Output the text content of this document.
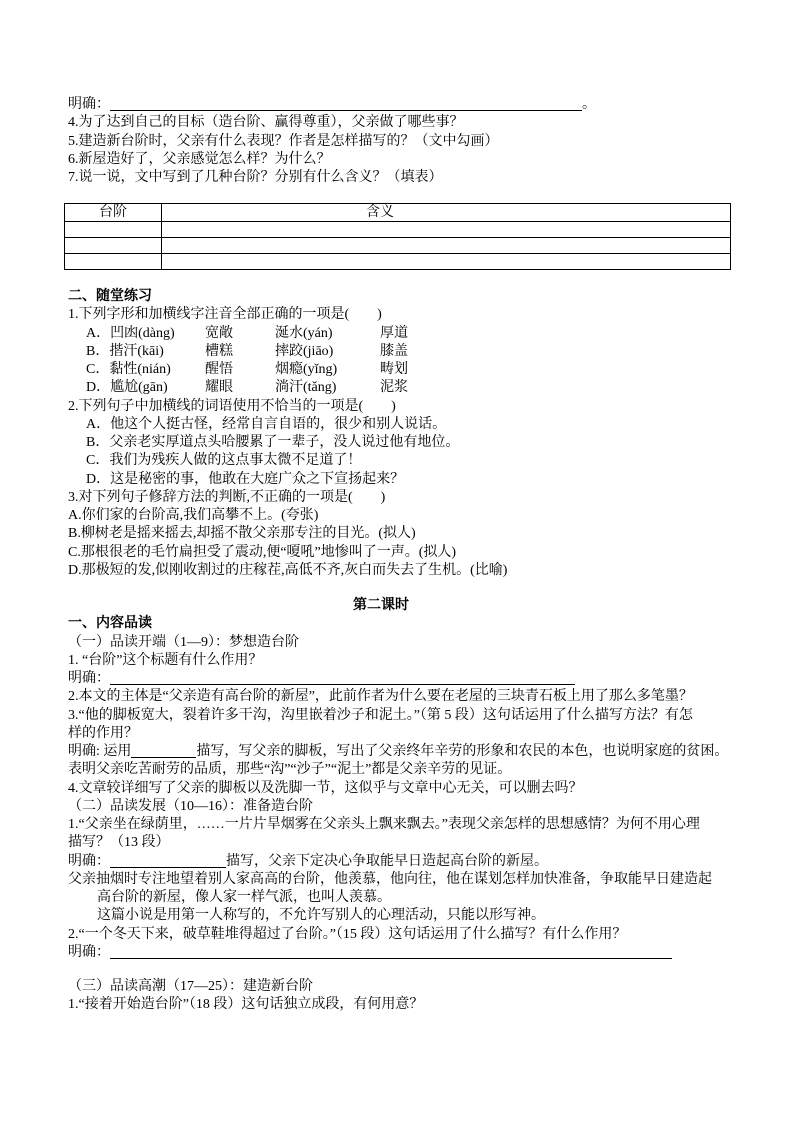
明确：	。
4.为了达到自己的目标（造台阶、赢得尊重），父亲做了哪些事？
5.建造新台阶时，父亲有什么表现？作者是怎样描写的？（文中勾画）
6.新屋造好了，父亲感觉怎么样？为什么？
7.说一说，文中写到了几种台阶？分别有什么含义？（填表）
台阶	含义

二、随堂练习
1.下列字形和加横线字注音全部正确的一项是(　　)
A．凹凼(dàng) 宽敞	涎水(yán)	厚道
B．揩汗(kāi)	槽糕	摔跤(jiāo)	膝盖
C．黏性(nián) 醒悟	烟瘾(yǐng)	畴划
D．尴尬(gān)	耀眼	淌汗(tǎng)	泥浆
2.下列句子中加横线的词语使用不恰当的一项是(　　)
A．他这个人挺古怪，经常自言自语的，很少和别人说话。
B．父亲老实厚道点头哈腰累了一辈子，没人说过他有地位。
C．我们为残疾人做的这点事太微不足道了！
D．这是秘密的事，他敢在大庭广众之下宣扬起来？
3.对下列句子修辞方法的判断,不正确的一项是(　　)
A.你们家的台阶高,我们高攀不上。(夸张)
B.柳树老是摇来摇去,却摇不散父亲那专注的目光。(拟人)
C.那根很老的毛竹扁担受了震动,便“嗄吼”地惨叫了一声。(拟人)
D.那极短的发,似刚收割过的庄稼茬,高低不齐,灰白而失去了生机。(比喻)
第二课时
一、内容品读
（一）品读开端（1—9）：梦想造台阶
1. “台阶”这个标题有什么作用？
明确：
2.本文的主体是“父亲造有高台阶的新屋”，此前作者为什么要在老屋的三块青石板上用了那么多笔墨？
3.“他的脚板宽大，裂着许多干沟，沟里嵌着沙子和泥土。”（第 5 段）这句话运用了什么描写方法？有怎
样的作用？
明确: 运用	描写，写父亲的脚板，写出了父亲终年辛劳的形象和农民的本色，也说明家庭的贫困。
表明父亲吃苦耐劳的品质，那些“沟”“沙子”“泥土”都是父亲辛劳的见证。
4.文章较详细写了父亲的脚板以及洗脚一节，这似乎与文章中心无关，可以删去吗？
（二）品读发展（10—16）：准备造台阶
1.“父亲坐在绿荫里，……一片片旱烟雾在父亲头上飘来飘去。”表现父亲怎样的思想感情？为何不用心理
描写？（13 段）
明确：	描写，父亲下定决心争取能早日造起高台阶的新屋。
父亲抽烟时专注地望着别人家高高的台阶，他羡慕，他向往，他在谋划怎样加快准备，争取能早日建造起
高台阶的新屋，像人家一样气派，也叫人羡慕。
这篇小说是用第一人称写的，不允许写别人的心理活动，只能以形写神。
2.“一个冬天下来，破草鞋堆得超过了台阶。”（15 段）这句话运用了什么描写？有什么作用？
明确：
（三）品读高潮（17—25）：建造新台阶
1.“接着开始造台阶”（18 段）这句话独立成段，有何用意？
